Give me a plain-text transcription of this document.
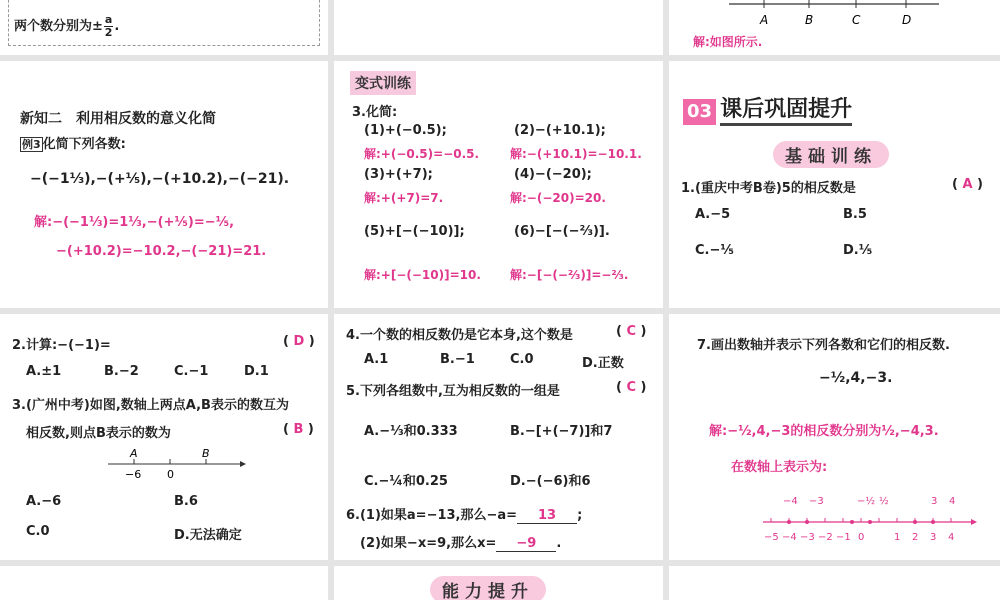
两个数分别为± $\frac{a}{2}$ .	A	B	C	D
解:如图所示.
新知二　利用相反数的意义化简
例3 化简下列各数:
−(−1⅓),−(+⅕),−(+10.2),−(−21).
解:−(−1⅓)=1⅓,−(+⅕)=−⅕,
−(+10.2)=−10.2,−(−21)=21.
变式训练
3.化简:
(1)+(−0.5);	(2)−(+10.1);
解:+(−0.5)=−0.5.	解:−(+10.1)=−10.1.
(3)+(+7);	(4)−(−20);
解:+(+7)=7.	解:−(−20)=20.
(5)+[−(−10)];	(6)−[−(−⅔)].
解:+[−(−10)]=10. 解:−[−(−⅔)]=−⅔.
03 课后巩固提升
基础训练
1.(重庆中考B卷)5的相反数是	( A )
A.−5	B.5
C.−⅕	D.⅕
2.计算:−(−1)=	( D )
A.±1	B.−2	C.−1	D.1
3.(广州中考)如图,数轴上两点A,B表示的数互为
相反数,则点B表示的数为	( B )
A	B
−6 0
A.−6	B.6
C.0	D.无法确定
4.一个数的相反数仍是它本身,这个数是	( C )
A.1	B.−1	C.0	D.正数
5.下列各组数中,互为相反数的一组是	( C )
A.−⅓和0.333	B.−[+(−7)]和7
C.−¼和0.25	D.−(−6)和6
6.(1)如果a=−13,那么−a= 13 ;
(2)如果−x=9,那么x= −9 .
7.画出数轴并表示下列各数和它们的相反数.
−½,4,−3.
解:−½,4,−3的相反数分别为½,−4,3.
在数轴上表示为:
−4 −3	−½ ½	3 4
−5 −4 −3 −2 −1 0	1 2 3 4
能力提升
